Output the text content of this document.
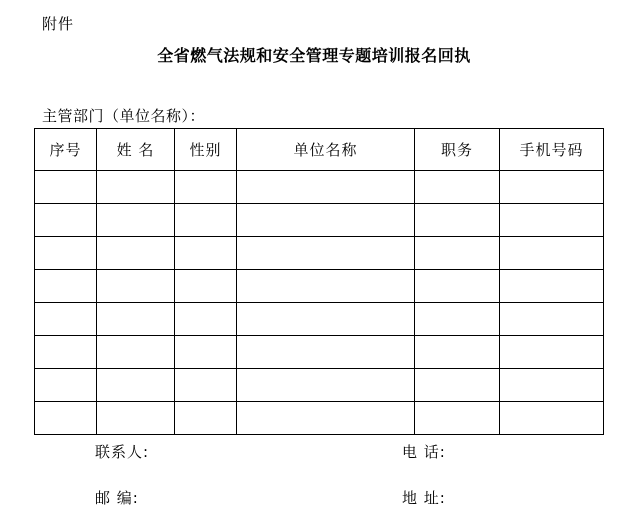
附件
全省燃气法规和安全管理专题培训报名回执
主管部门（单位名称）：
序号	姓 名	性别	单位名称	职务	手机号码

联系人:	电 话:
邮 编:	地 址:
